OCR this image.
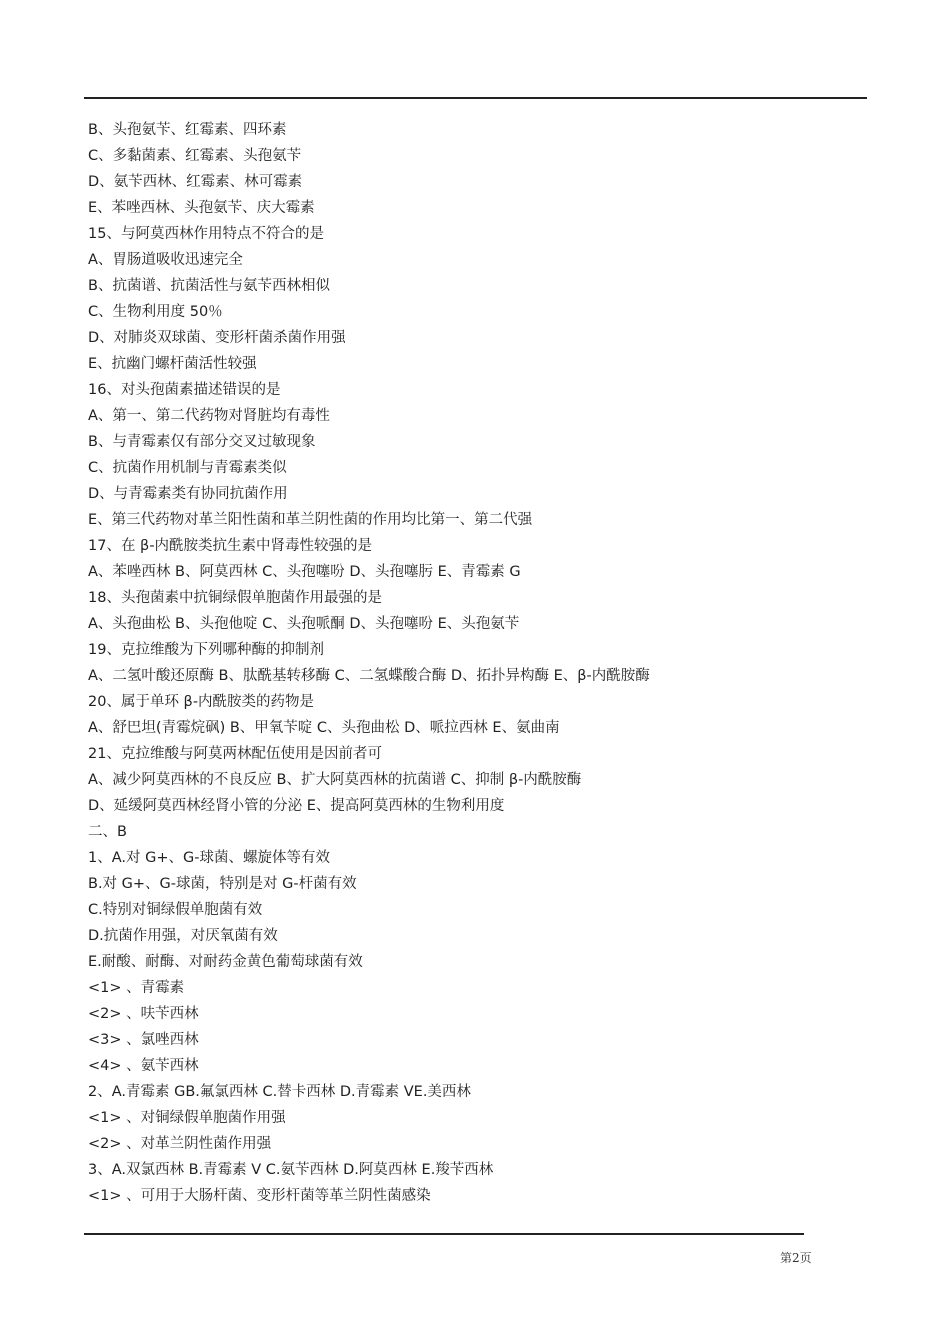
B、头孢氨苄、红霉素、四环素
C、多黏菌素、红霉素、头孢氨苄
D、氨苄西林、红霉素、林可霉素
E、苯唑西林、头孢氨苄、庆大霉素
15、与阿莫西林作用特点不符合的是
A、胃肠道吸收迅速完全
B、抗菌谱、抗菌活性与氨苄西林相似
C、生物利用度 50％
D、对肺炎双球菌、变形杆菌杀菌作用强
E、抗幽门螺杆菌活性较强
16、对头孢菌素描述错误的是
A、第一、第二代药物对肾脏均有毒性
B、与青霉素仅有部分交叉过敏现象
C、抗菌作用机制与青霉素类似
D、与青霉素类有协同抗菌作用
E、第三代药物对革兰阳性菌和革兰阴性菌的作用均比第一、第二代强
17、在 β-内酰胺类抗生素中肾毒性较强的是
A、苯唑西林 B、阿莫西林 C、头孢噻吩 D、头孢噻肟 E、青霉素 G
18、头孢菌素中抗铜绿假单胞菌作用最强的是
A、头孢曲松 B、头孢他啶 C、头孢哌酮 D、头孢噻吩 E、头孢氨苄
19、克拉维酸为下列哪种酶的抑制剂
A、二氢叶酸还原酶 B、肽酰基转移酶 C、二氢蝶酸合酶 D、拓扑异构酶 E、β-内酰胺酶
20、属于单环 β-内酰胺类的药物是
A、舒巴坦(青霉烷砜) B、甲氧苄啶 C、头孢曲松 D、哌拉西林 E、氨曲南
21、克拉维酸与阿莫两林配伍使用是因前者可
A、减少阿莫西林的不良反应 B、扩大阿莫西林的抗菌谱 C、抑制 β-内酰胺酶
D、延缓阿莫西林经肾小管的分泌 E、提高阿莫西林的生物利用度
二、B
1、A.对 G+、G-球菌、螺旋体等有效
B.对 G+、G-球菌，特别是对 G-杆菌有效
C.特别对铜绿假单胞菌有效
D.抗菌作用强，对厌氧菌有效
E.耐酸、耐酶、对耐药金黄色葡萄球菌有效
<1> 、青霉素
<2> 、呋苄西林
<3> 、氯唑西林
<4> 、氨苄西林
2、A.青霉素 GB.氟氯西林 C.替卡西林 D.青霉素 VE.美西林
<1> 、对铜绿假单胞菌作用强
<2> 、对革兰阴性菌作用强
3、A.双氯西林 B.青霉素 V C.氨苄西林 D.阿莫西林 E.羧苄西林
<1> 、可用于大肠杆菌、变形杆菌等革兰阴性菌感染
第2页
